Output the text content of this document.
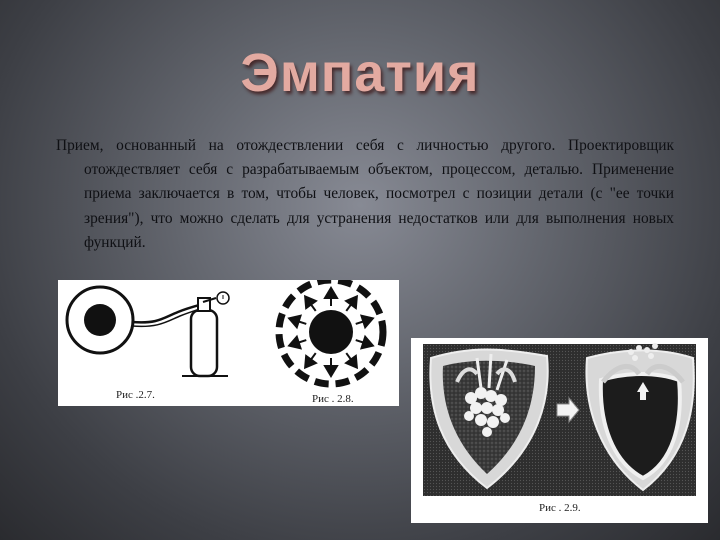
Эмпатия
Прием, основанный на отождествлении себя с личностью другого. Проектировщик отождествляет себя с разрабатываемым объектом, процессом, деталью. Применение приема заключается в том, чтобы человек, посмотрел с позиции детали (с "ее точки зрения"), что можно сделать для устранения недостатков или для выполнения новых функций.
Рис .2.7.	Рис . 2.8.
Рис . 2.9.
